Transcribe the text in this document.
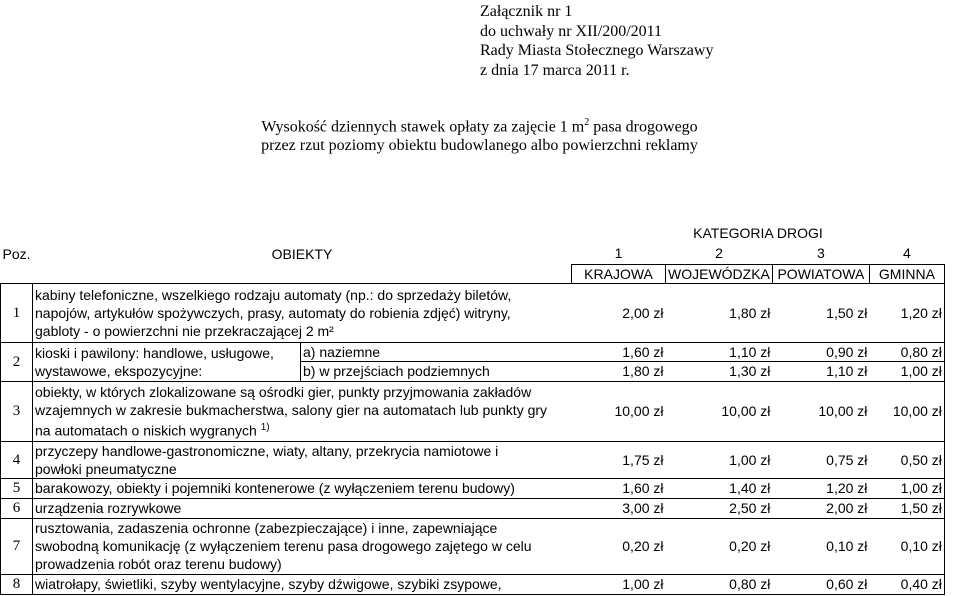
Załącznik nr 1
do uchwały nr XII/200/2011
Rady Miasta Stołecznego Warszawy
z dnia 17 marca 2011 r.
Wysokość dziennych stawek opłaty za zajęcie 1 $m^2$ pasa drogowego
przez rzut poziomy obiektu budowlanego albo powierzchni reklamy
			KATEGORIA DROGI			
Poz.	OBIEKTY		1	2	3	4
			KRAJOWA	WOJEWÓDZKA	POWIATOWA	GMINNA
1	kabiny telefoniczne, wszelkiego rodzaju automaty (np.: do sprzedaży biletów,
napojów, artykułów spożywczych, prasy, automaty do robienia zdjęć) witryny,
gabloty - o powierzchni nie przekraczającej 2 m²		2,00 zł	1,80 zł	1,50 zł	1,20 zł
2	kioski i pawilony: handlowe, usługowe,
wystawowe, ekspozycyjne:	a) naziemne	1,60 zł	1,10 zł	0,90 zł	0,80 zł
		b) w przejściach podziemnych	1,80 zł	1,30 zł	1,10 zł	1,00 zł
3	obiekty, w których zlokalizowane są ośrodki gier, punkty przyjmowania zakładów
wzajemnych w zakresie bukmacherstwa, salony gier na automatach lub punkty gry
na automatach o niskich wygranych $^{1)}$		10,00 zł	10,00 zł	10,00 zł	10,00 zł
4	przyczepy handlowe-gastronomiczne, wiaty, altany, przekrycia namiotowe i
powłoki pneumatyczne		1,75 zł	1,00 zł	0,75 zł	0,50 zł
5	barakowozy, obiekty i pojemniki kontenerowe (z wyłączeniem terenu budowy)		1,60 zł	1,40 zł	1,20 zł	1,00 zł
6	urządzenia rozrywkowe		3,00 zł	2,50 zł	2,00 zł	1,50 zł
7	rusztowania, zadaszenia ochronne (zabezpieczające) i inne, zapewniające
swobodną komunikację (z wyłączeniem terenu pasa drogowego zajętego w celu
prowadzenia robót oraz terenu budowy)		0,20 zł	0,20 zł	0,10 zł	0,10 zł
8	wiatrołapy, świetliki, szyby wentylacyjne, szyby dźwigowe, szybiki zsypowe,		1,00 zł	0,80 zł	0,60 zł	0,40 zł
